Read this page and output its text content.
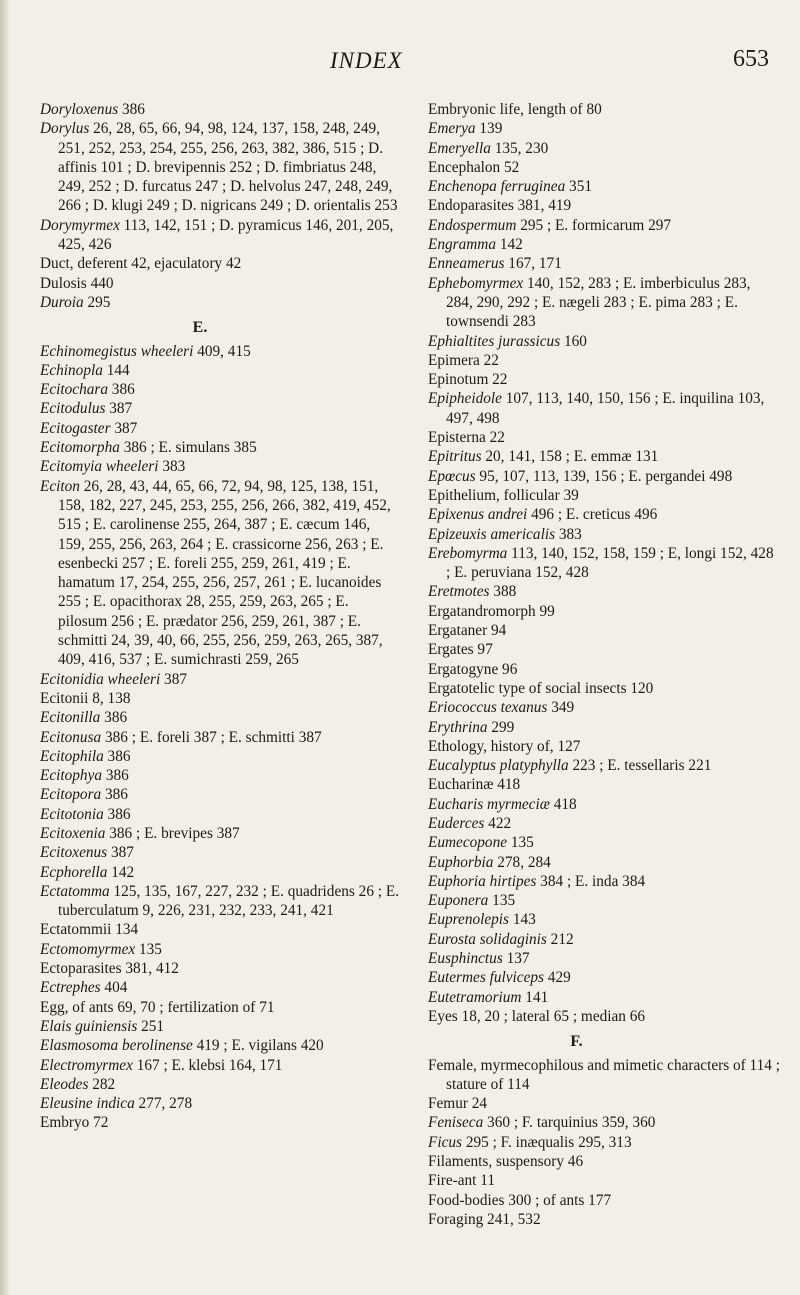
INDEX	653

Doryloxenus 386

Dorylus 26, 28, 65, 66, 94, 98, 124, 137, 158, 248, 249, 251, 252, 253, 254, 255, 256, 263, 382, 386, 515 ; D. affinis 101 ; D. brevipennis 252 ; D. fimbriatus 248, 249, 252 ; D. furcatus 247 ; D. helvolus 247, 248, 249, 266 ; D. klugi 249 ; D. nigricans 249 ; D. orientalis 253

Dorymyrmex 113, 142, 151 ; D. pyramicus 146, 201, 205, 425, 426

Duct, deferent 42, ejaculatory 42

Dulosis 440

Duroia 295

E.

Echinomegistus wheeleri 409, 415

Echinopla 144

Ecitochara 386

Ecitodulus 387

Ecitogaster 387

Ecitomorpha 386 ; E. simulans 385

Ecitomyia wheeleri 383

Eciton 26, 28, 43, 44, 65, 66, 72, 94, 98, 125, 138, 151, 158, 182, 227, 245, 253, 255, 256, 266, 382, 419, 452, 515 ; E. carolinense 255, 264, 387 ; E. cæcum 146, 159, 255, 256, 263, 264 ; E. crassicorne 256, 263 ; E. esenbecki 257 ; E. foreli 255, 259, 261, 419 ; E. hamatum 17, 254, 255, 256, 257, 261 ; E. lucanoides 255 ; E. opacithorax 28, 255, 259, 263, 265 ; E. pilosum 256 ; E. prædator 256, 259, 261, 387 ; E. schmitti 24, 39, 40, 66, 255, 256, 259, 263, 265, 387, 409, 416, 537 ; E. sumichrasti 259, 265

Ecitonidia wheeleri 387

Ecitonii 8, 138

Ecitonilla 386

Ecitonusa 386 ; E. foreli 387 ; E. schmitti 387

Ecitophila 386

Ecitophya 386

Ecitopora 386

Ecitotonia 386

Ecitoxenia 386 ; E. brevipes 387

Ecitoxenus 387

Ecphorella 142

Ectatomma 125, 135, 167, 227, 232 ; E. quadridens 26 ; E. tuberculatum 9, 226, 231, 232, 233, 241, 421

Ectatommii 134

Ectomomyrmex 135

Ectoparasites 381, 412

Ectrephes 404

Egg, of ants 69, 70 ; fertilization of 71

Elais guiniensis 251

Elasmosoma berolinense 419 ; E. vigilans 420

Electromyrmex 167 ; E. klebsi 164, 171

Eleodes 282

Eleusine indica 277, 278

Embryo 72

Embryonic life, length of 80

Emerya 139

Emeryella 135, 230

Encephalon 52

Enchenopa ferruginea 351

Endoparasites 381, 419

Endospermum 295 ; E. formicarum 297

Engramma 142

Enneamerus 167, 171

Ephebomyrmex 140, 152, 283 ; E. imberbiculus 283, 284, 290, 292 ; E. nægeli 283 ; E. pima 283 ; E. townsendi 283

Ephialtites jurassicus 160

Epimera 22

Epinotum 22

Epipheidole 107, 113, 140, 150, 156 ; E. inquilina 103, 497, 498

Episterna 22

Epitritus 20, 141, 158 ; E. emmæ 131

Epœcus 95, 107, 113, 139, 156 ; E. pergandei 498

Epithelium, follicular 39

Epixenus andrei 496 ; E. creticus 496

Epizeuxis americalis 383

Erebomyrma 113, 140, 152, 158, 159 ; E, longi 152, 428 ; E. peruviana 152, 428

Eretmotes 388

Ergatandromorph 99

Ergataner 94

Ergates 97

Ergatogyne 96

Ergatotelic type of social insects 120

Eriococcus texanus 349

Erythrina 299

Ethology, history of, 127

Eucalyptus platyphylla 223 ; E. tessellaris 221

Eucharinæ 418

Eucharis myrmeciæ 418

Euderces 422

Eumecopone 135

Euphorbia 278, 284

Euphoria hirtipes 384 ; E. inda 384

Euponera 135

Euprenolepis 143

Eurosta solidaginis 212

Eusphinctus 137

Eutermes fulviceps 429

Eutetramorium 141

Eyes 18, 20 ; lateral 65 ; median 66

F.

Female, myrmecophilous and mimetic characters of 114 ; stature of 114

Femur 24

Feniseca 360 ; F. tarquinius 359, 360

Ficus 295 ; F. inæqualis 295, 313

Filaments, suspensory 46

Fire-ant 11

Food-bodies 300 ; of ants 177

Foraging 241, 532
